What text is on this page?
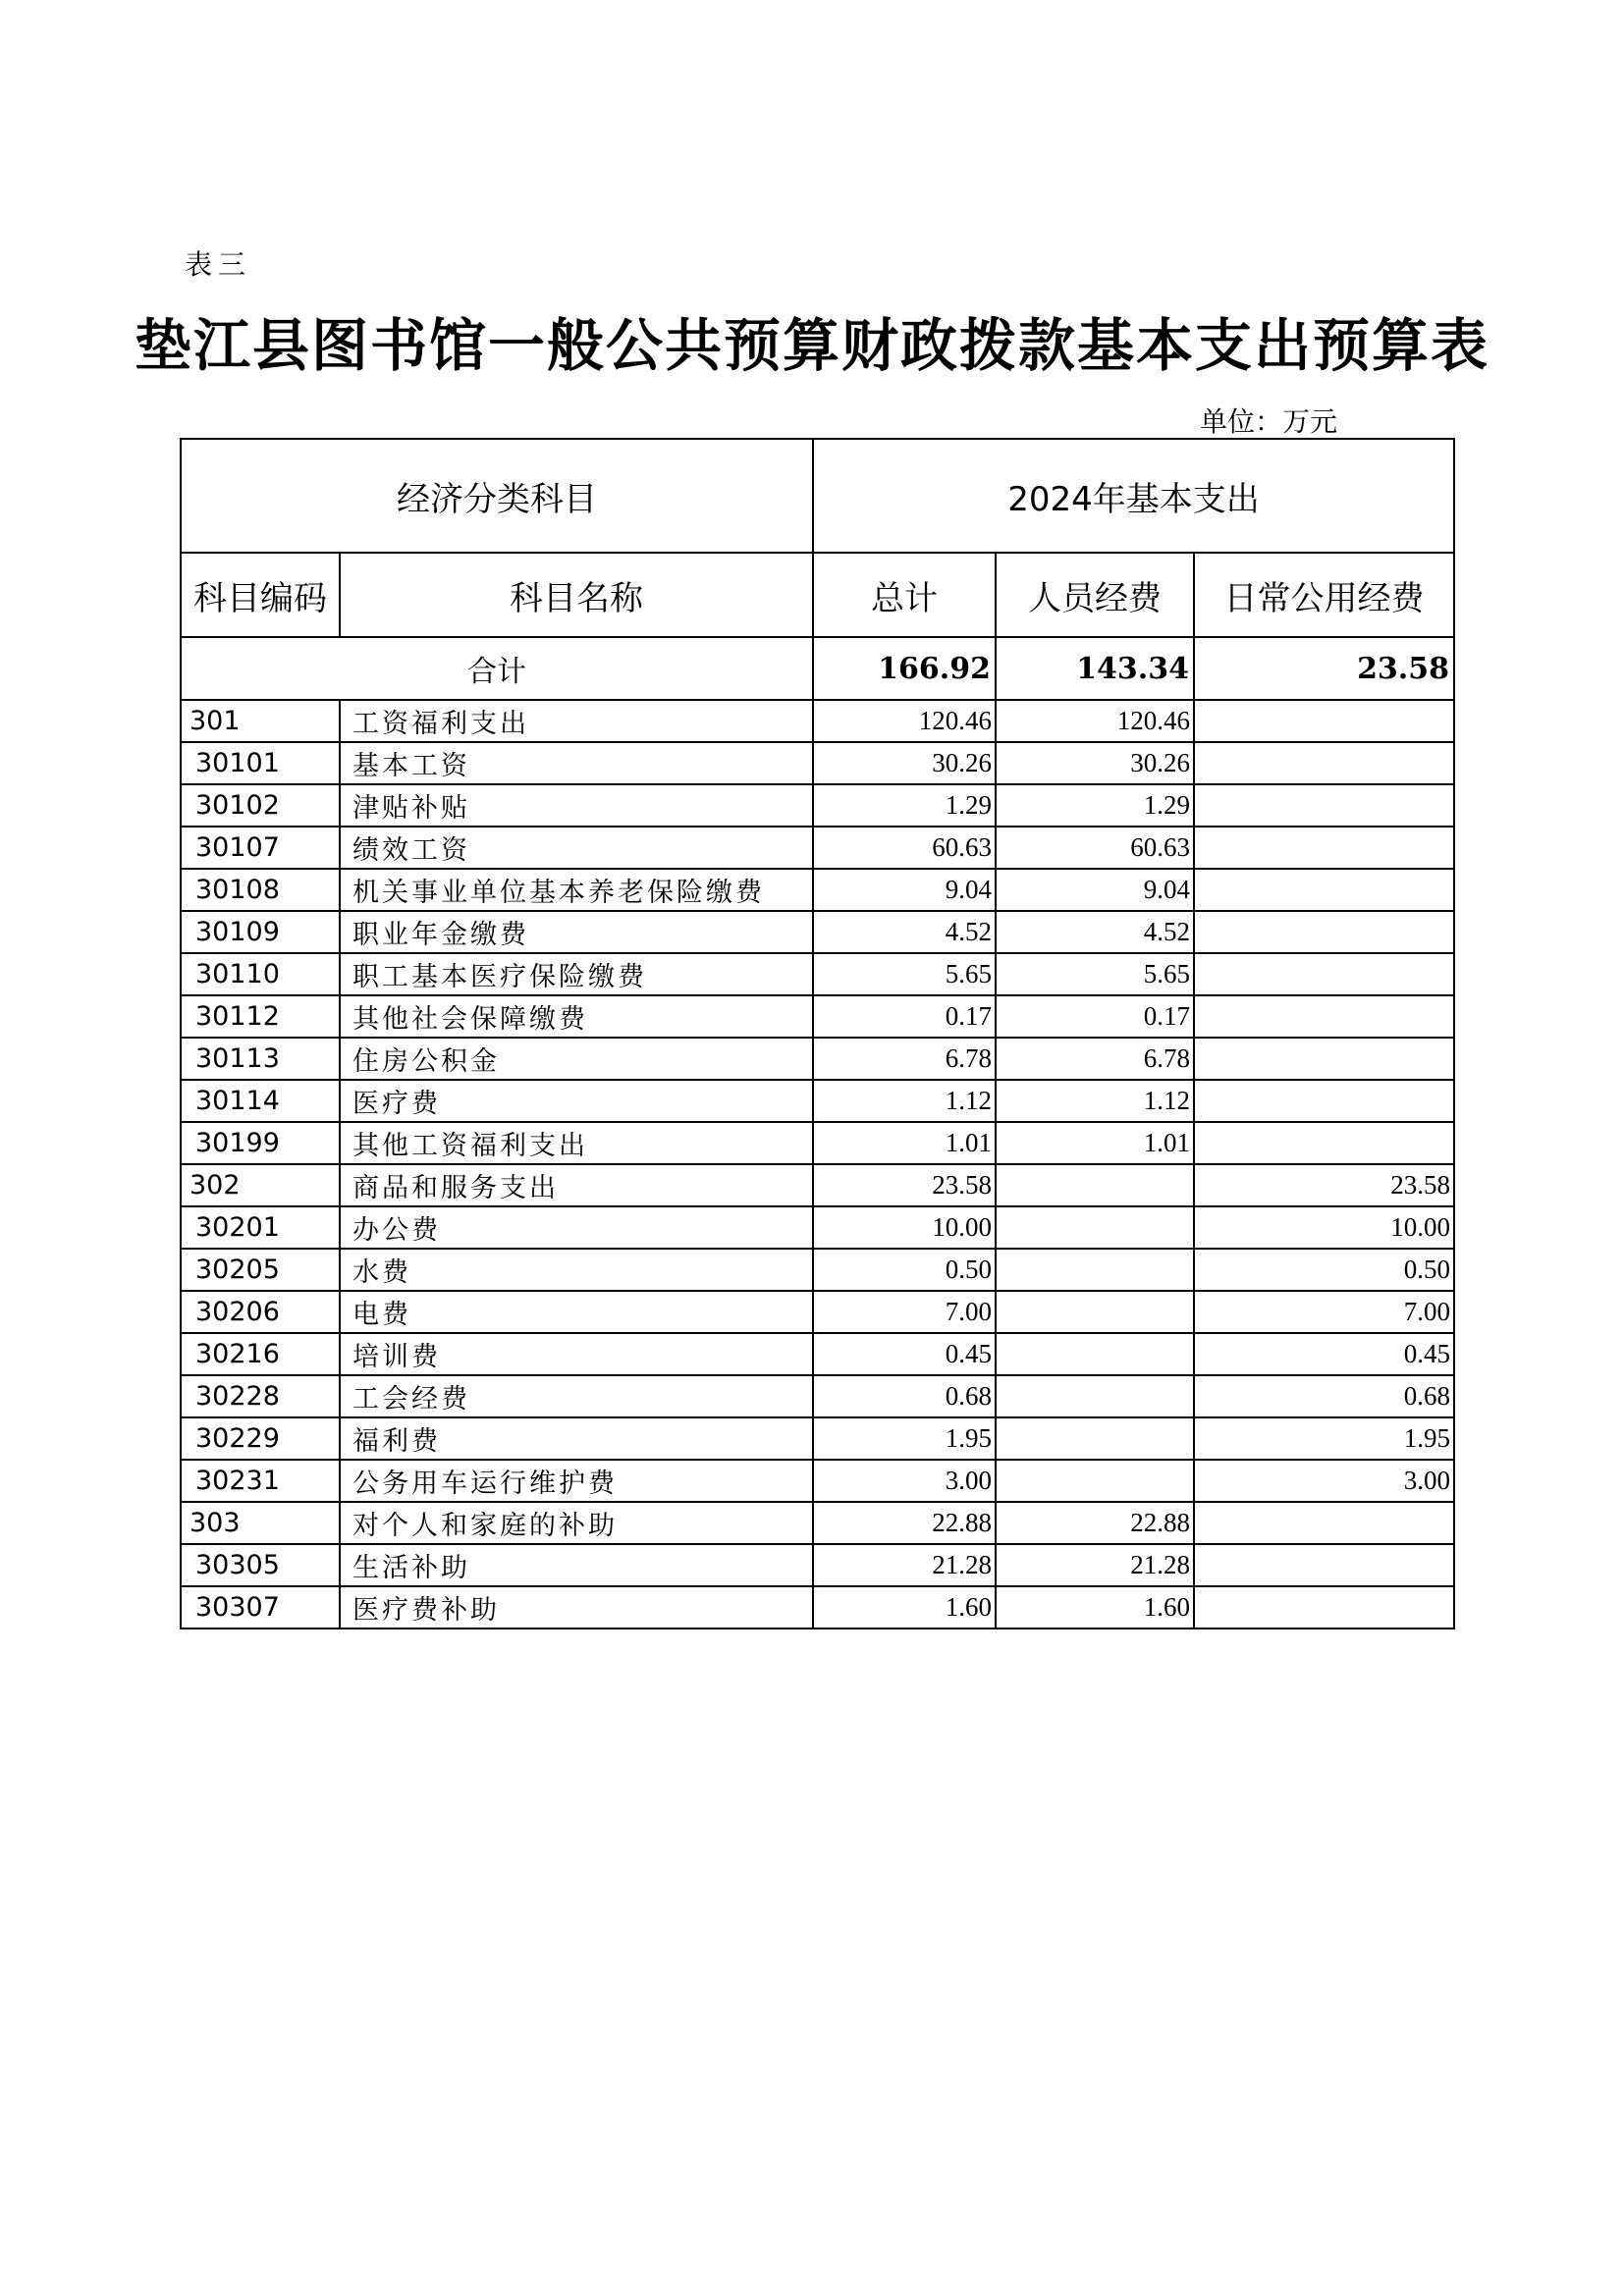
表三
垫江县图书馆一般公共预算财政拨款基本支出预算表
单位：万元
经济分类科目		2024年基本支出		
科目编码	科目名称	总计	人员经费	日常公用经费
合计		166.92	143.34	23.58
301	工资福利支出	120.46	120.46	
30101	基本工资	30.26	30.26	
30102	津贴补贴	1.29	1.29	
30107	绩效工资	60.63	60.63	
30108	机关事业单位基本养老保险缴费	9.04	9.04	
30109	职业年金缴费	4.52	4.52	
30110	职工基本医疗保险缴费	5.65	5.65	
30112	其他社会保障缴费	0.17	0.17	
30113	住房公积金	6.78	6.78	
30114	医疗费	1.12	1.12	
30199	其他工资福利支出	1.01	1.01	
302	商品和服务支出	23.58		23.58
30201	办公费	10.00		10.00
30205	水费	0.50		0.50
30206	电费	7.00		7.00
30216	培训费	0.45		0.45
30228	工会经费	0.68		0.68
30229	福利费	1.95		1.95
30231	公务用车运行维护费	3.00		3.00
303	对个人和家庭的补助	22.88	22.88	
30305	生活补助	21.28	21.28	
30307	医疗费补助	1.60	1.60	
